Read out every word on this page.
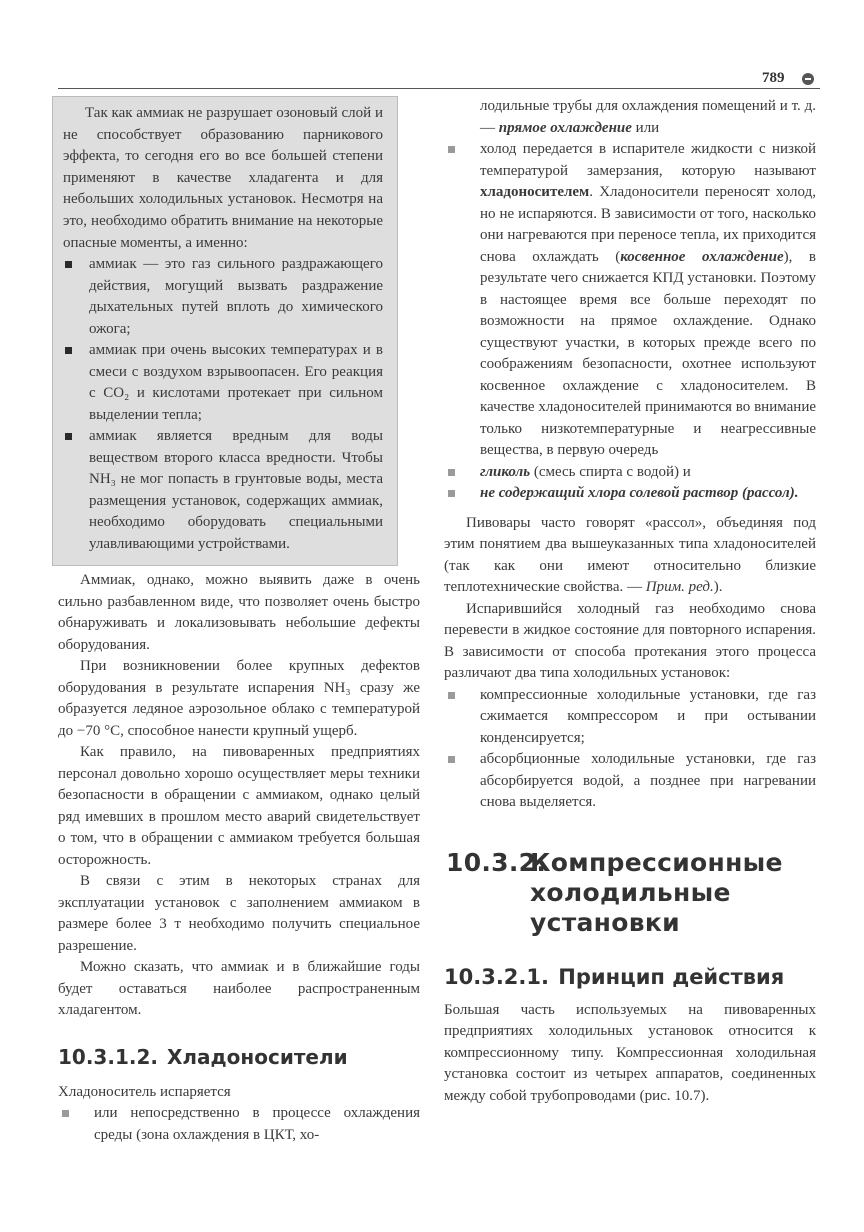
789

Так как аммиак не разрушает озоновый слой и не способствует образованию парникового эффекта, то сегодня его во все большей степени применяют в качестве хладагента и для небольших холодильных установок. Несмотря на это, необходимо обратить внимание на некоторые опасные моменты, а именно:

аммиак — это газ сильного раздражающего действия, могущий вызвать раздражение дыхательных путей вплоть до химического ожога;
аммиак при очень высоких температурах и в смеси с воздухом взрывоопасен. Его реакция с CO₂ и кислотами протекает при сильном выделении тепла;
аммиак является вредным для воды веществом второго класса вредности. Чтобы NH₃ не мог попасть в грунтовые воды, места размещения установок, содержащих аммиак, необходимо оборудовать специальными улавливающими устройствами.

Аммиак, однако, можно выявить даже в очень сильно разбавленном виде, что позволяет очень быстро обнаруживать и локализовывать небольшие дефекты оборудования.

При возникновении более крупных дефектов оборудования в результате испарения NH₃ сразу же образуется ледяное аэрозольное облако с температурой до −70 °C, способное нанести крупный ущерб.

Как правило, на пивоваренных предприятиях персонал довольно хорошо осуществляет меры техники безопасности в обращении с аммиаком, однако целый ряд имевших в прошлом место аварий свидетельствует о том, что в обращении с аммиаком требуется большая осторожность.

В связи с этим в некоторых странах для эксплуатации установок с заполнением аммиаком в размере более 3 т необходимо получить специальное разрешение.

Можно сказать, что аммиак и в ближайшие годы будет оставаться наиболее распространенным хладагентом.

10.3.1.2. Хладоносители

Хладоноситель испаряется

или непосредственно в процессе охлаждения среды (зона охлаждения в ЦКТ, хо-

лодильные трубы для охлаждения помещений и т. д. — прямое охлаждение или

холод передается в испарителе жидкости с низкой температурой замерзания, которую называют хладоносителем. Хладоносители переносят холод, но не испаряются. В зависимости от того, насколько они нагреваются при переносе тепла, их приходится снова охлаждать (косвенное охлаждение), в результате чего снижается КПД установки. Поэтому в настоящее время все больше переходят по возможности на прямое охлаждение. Однако существуют участки, в которых прежде всего по соображениям безопасности, охотнее используют косвенное охлаждение с хладоносителем. В качестве хладоносителей принимаются во внимание только низкотемпературные и неагрессивные вещества, в первую очередь
гликоль (смесь спирта с водой) и
не содержащий хлора солевой раствор (рассол).

Пивовары часто говорят «рассол», объединяя под этим понятием два вышеуказанных типа хладоносителей (так как они имеют относительно близкие теплотехнические свойства. — Прим. ред.).

Испарившийся холодный газ необходимо снова перевести в жидкое состояние для повторного испарения. В зависимости от способа протекания этого процесса различают два типа холодильных установок:

компрессионные холодильные установки, где газ сжимается компрессором и при остывании конденсируется;
абсорбционные холодильные установки, где газ абсорбируется водой, а позднее при нагревании снова выделяется.
10.3.2.
Компрессионные холодильные установки
10.3.2.1. Принцип действия

Большая часть используемых на пивоваренных предприятиях холодильных установок относится к компрессионному типу. Компрессионная холодильная установка состоит из четырех аппаратов, соединенных между собой трубопроводами (рис. 10.7).
